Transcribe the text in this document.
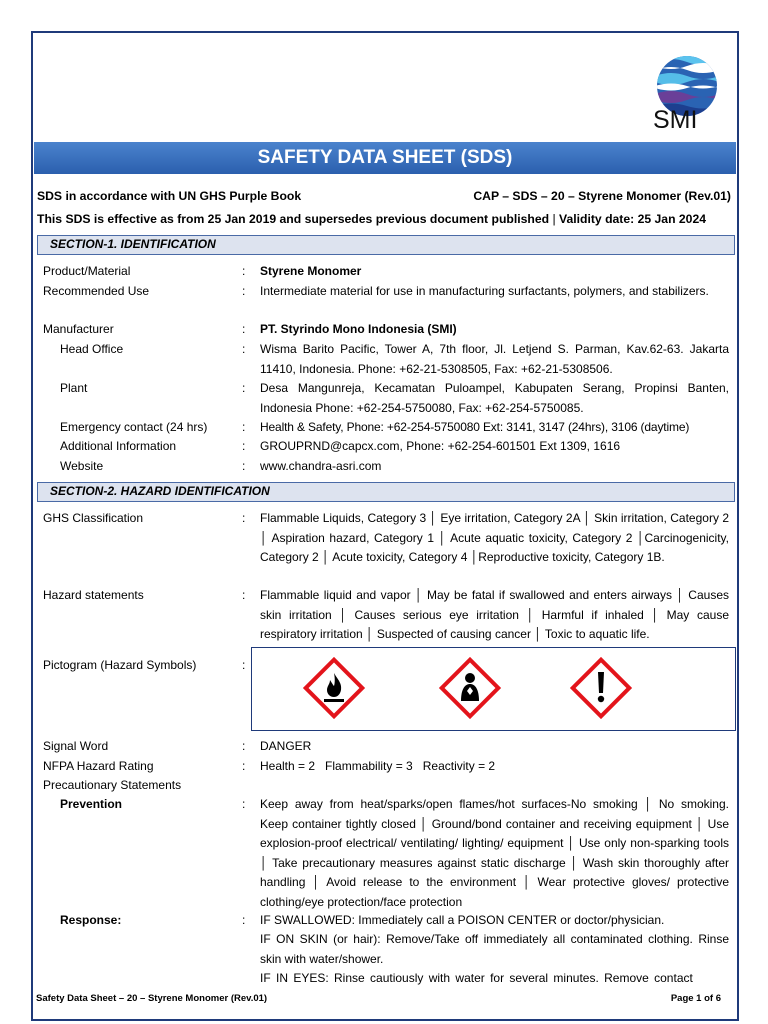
SMI
SAFETY DATA SHEET (SDS)
SDS in accordance with UN GHS Purple Book	CAP – SDS – 20 – Styrene Monomer (Rev.01)
This SDS is effective as from 25 Jan 2019 and supersedes previous document published | Validity date: 25 Jan 2024
SECTION-1. IDENTIFICATION
Product/Material	: Styrene Monomer
Recommended Use	: Intermediate material for use in manufacturing surfactants, polymers, and stabilizers.
Manufacturer	: PT. Styrindo Mono Indonesia (SMI)
Head Office	: Wisma Barito Pacific, Tower A, 7th floor, Jl. Letjend S. Parman, Kav.62-63. Jakarta 11410, Indonesia. Phone: +62-21-5308505, Fax: +62-21-5308506.
Plant	: Desa Mangunreja, Kecamatan Puloampel, Kabupaten Serang, Propinsi Banten, Indonesia Phone: +62-254-5750080, Fax: +62-254-5750085.
Emergency contact (24 hrs)	: Health & Safety, Phone: +62-254-5750080 Ext: 3141, 3147 (24hrs), 3106 (daytime)
Additional Information	: GROUPRND@capcx.com, Phone: +62-254-601501 Ext 1309, 1616
Website	: www.chandra-asri.com
SECTION-2. HAZARD IDENTIFICATION
GHS Classification	: Flammable Liquids, Category 3 │ Eye irritation, Category 2A │ Skin irritation, Category 2 │ Aspiration hazard, Category 1 │ Acute aquatic toxicity, Category 2 │Carcinogenicity, Category 2 │ Acute toxicity, Category 4 │Reproductive toxicity, Category 1B.
Hazard statements	: Flammable liquid and vapor │ May be fatal if swallowed and enters airways │ Causes skin irritation │ Causes serious eye irritation │ Harmful if inhaled │ May cause respiratory irritation │ Suspected of causing cancer │ Toxic to aquatic life.
Pictogram (Hazard Symbols)	:
Signal Word	: DANGER
NFPA Hazard Rating	: Health = 2   Flammability = 3   Reactivity = 2
Precautionary Statements
Prevention	: Keep away from heat/sparks/open flames/hot surfaces-No smoking │ No smoking. Keep container tightly closed │ Ground/bond container and receiving equipment │ Use explosion-proof electrical/ ventilating/ lighting/ equipment │ Use only non-sparking tools │ Take precautionary measures against static discharge │ Wash skin thoroughly after handling │ Avoid release to the environment │ Wear protective gloves/ protective clothing/eye protection/face protection
Response:	: IF SWALLOWED: Immediately call a POISON CENTER or doctor/physician.
IF ON SKIN (or hair): Remove/Take off immediately all contaminated clothing. Rinse skin with water/shower.
IF IN EYES: Rinse cautiously with water for several minutes. Remove contact
Safety Data Sheet – 20 – Styrene Monomer (Rev.01)	Page 1 of 6
